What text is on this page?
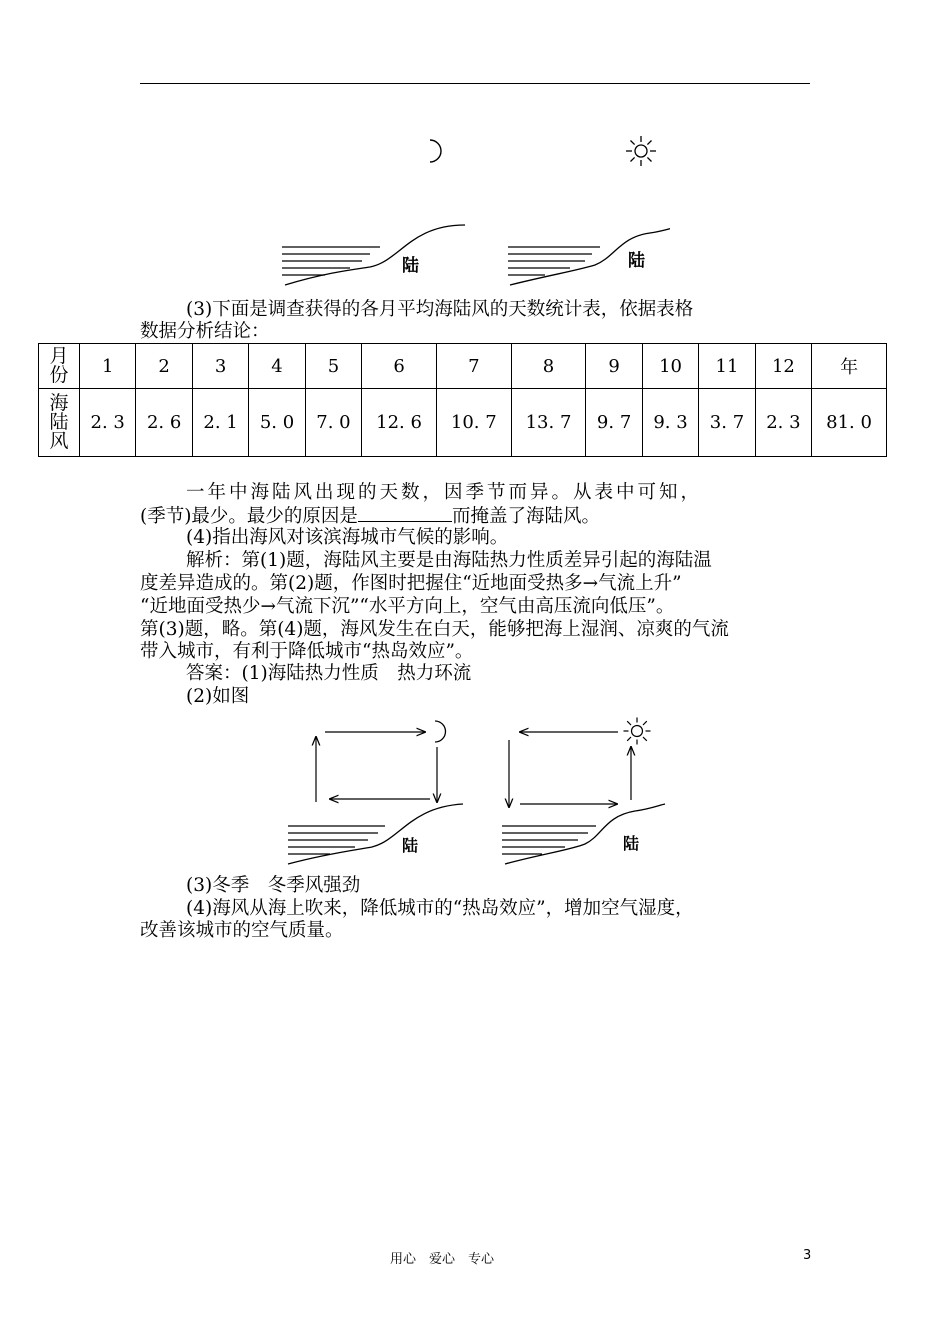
陆	陆
(3)下面是调查获得的各月平均海陆风的天数统计表，依据表格
数据分析结论：
月
份	1	2	3	4	5	6	7	8	9	10	11	12	年
海
陆
风	2. 3	2. 6	2. 1	5. 0	7. 0	12. 6	10. 7	13. 7	9. 7	9. 3	3. 7	2. 3	81. 0
一年中海陆风出现的天数，因季节而异。从表中可知，
(季节)最少。最少的原因是	而掩盖了海陆风。
(4)指出海风对该滨海城市气候的影响。
解析：第(1)题，海陆风主要是由海陆热力性质差异引起的海陆温
度差异造成的。第(2)题，作图时把握住“近地面受热多→气流上升”
“近地面受热少→气流下沉”“水平方向上，空气由高压流向低压”。
第(3)题，略。第(4)题，海风发生在白天，能够把海上湿润、凉爽的气流
带入城市，有利于降低城市“热岛效应”。
答案：(1)海陆热力性质　热力环流
(2)如图
陆	陆
(3)冬季　冬季风强劲
(4)海风从海上吹来，降低城市的“热岛效应”，增加空气湿度，
改善该城市的空气质量。
用心　爱心　专心	3
